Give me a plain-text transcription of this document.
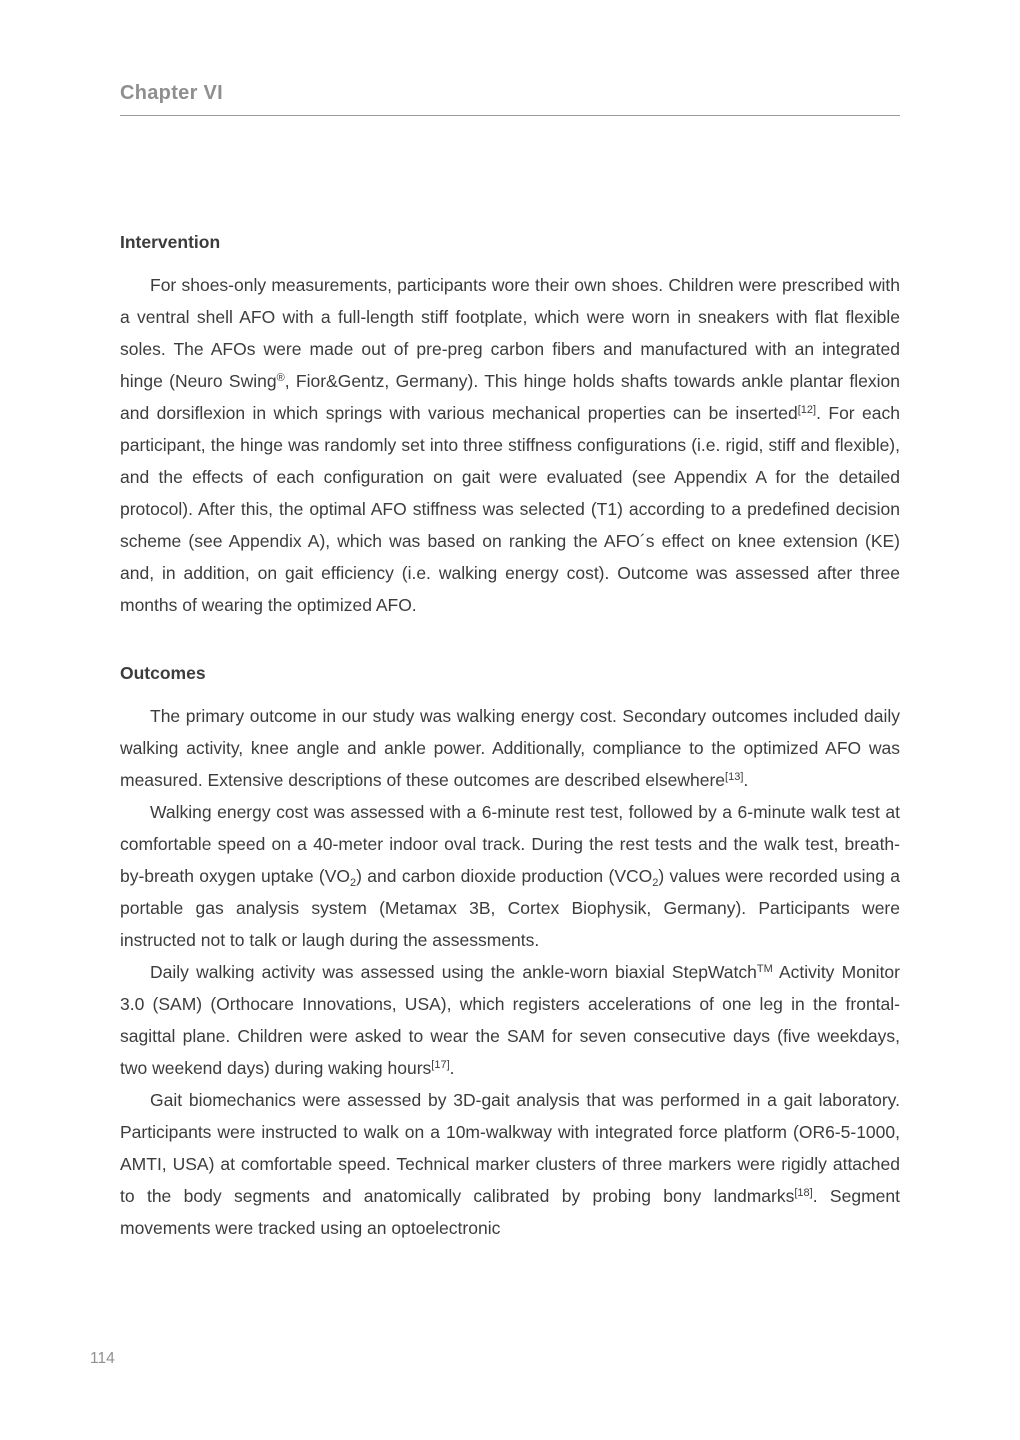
Chapter VI
Intervention

For shoes-only measurements, participants wore their own shoes. Children were prescribed with a ventral shell AFO with a full-length stiff footplate, which were worn in sneakers with flat flexible soles. The AFOs were made out of pre-preg carbon fibers and manufactured with an integrated hinge (Neuro Swing®, Fior&Gentz, Germany). This hinge holds shafts towards ankle plantar flexion and dorsiflexion in which springs with various mechanical properties can be inserted[12]. For each participant, the hinge was randomly set into three stiffness configurations (i.e. rigid, stiff and flexible), and the effects of each configuration on gait were evaluated (see Appendix A for the detailed protocol). After this, the optimal AFO stiffness was selected (T1) according to a predefined decision scheme (see Appendix A), which was based on ranking the AFO´s effect on knee extension (KE) and, in addition, on gait efficiency (i.e. walking energy cost). Outcome was assessed after three months of wearing the optimized AFO.

Outcomes

The primary outcome in our study was walking energy cost. Secondary outcomes included daily walking activity, knee angle and ankle power. Additionally, compliance to the optimized AFO was measured. Extensive descriptions of these outcomes are described elsewhere[13].

Walking energy cost was assessed with a 6-minute rest test, followed by a 6-minute walk test at comfortable speed on a 40-meter indoor oval track. During the rest tests and the walk test, breath-by-breath oxygen uptake $(VO_2)$ and carbon dioxide production $(VCO_2)$ values were recorded using a portable gas analysis system (Metamax 3B, Cortex Biophysik, Germany). Participants were instructed not to talk or laugh during the assessments.

Daily walking activity was assessed using the ankle-worn biaxial StepWatch™ Activity Monitor 3.0 (SAM) (Orthocare Innovations, USA), which registers accelerations of one leg in the frontal-sagittal plane. Children were asked to wear the SAM for seven consecutive days (five weekdays, two weekend days) during waking hours[17].

Gait biomechanics were assessed by 3D-gait analysis that was performed in a gait laboratory. Participants were instructed to walk on a 10m-walkway with integrated force platform (OR6-5-1000, AMTI, USA) at comfortable speed. Technical marker clusters of three markers were rigidly attached to the body segments and anatomically calibrated by probing bony landmarks[18]. Segment movements were tracked using an optoelectronic

114
